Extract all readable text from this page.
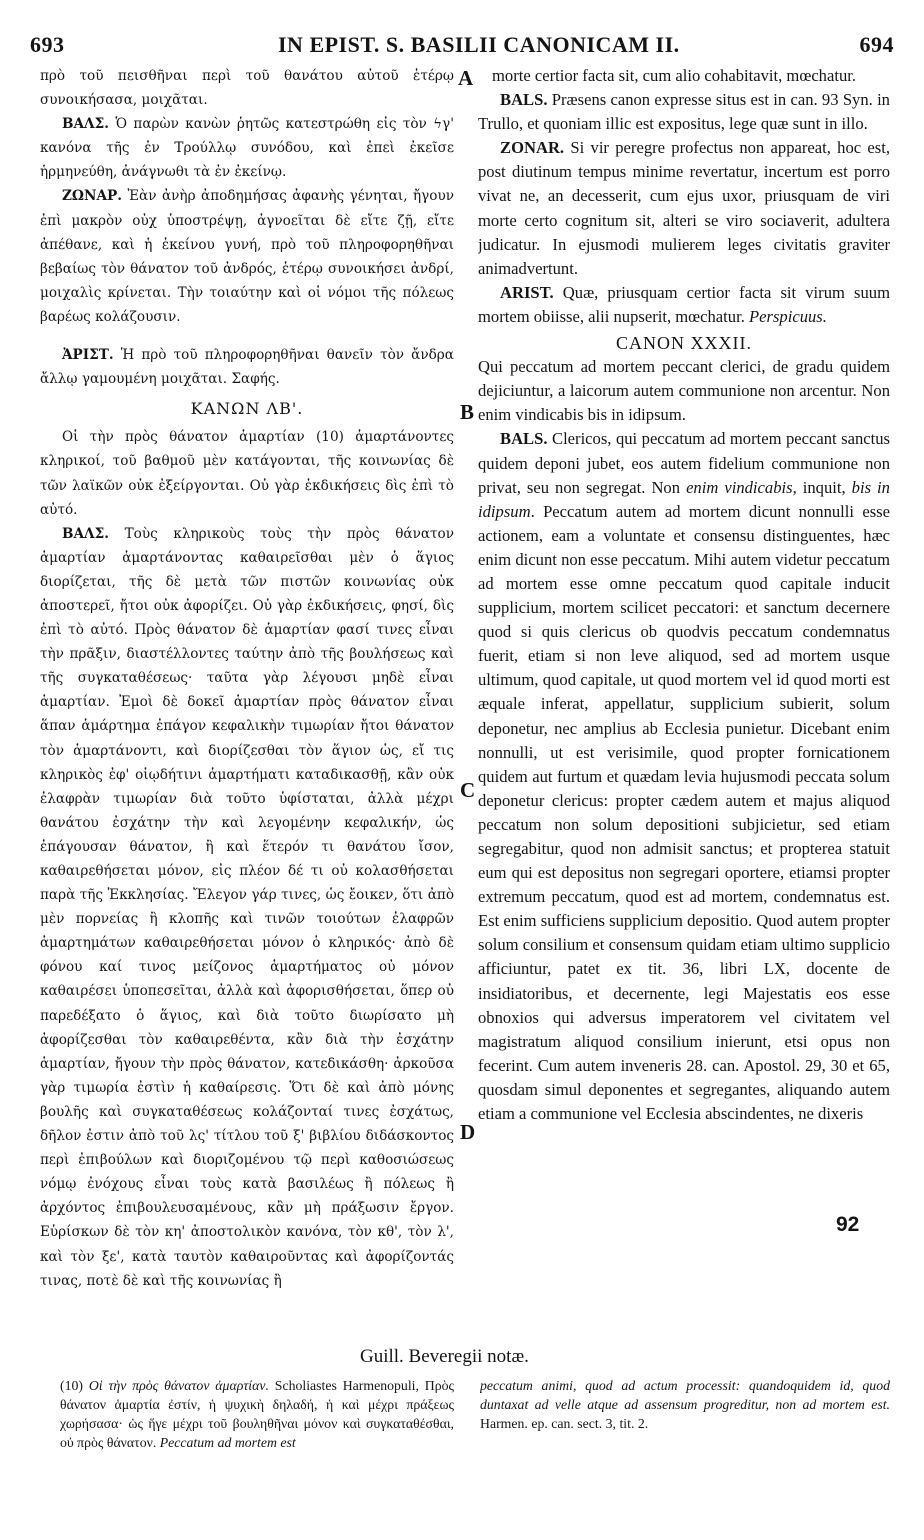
693	IN EPIST. S. BASILII CANONICAM II.	694
A
B
C
D

πρὸ τοῦ πεισθῆναι περὶ τοῦ θανάτου αὐτοῦ ἑτέρῳ συνοικήσασα, μοιχᾶται.

ΒΑΛΣ. Ὁ παρὼν κανὼν ῥητῶς κατεστρώθη εἰς τὸν ϟγ' κανόνα τῆς ἐν Τρούλλῳ συνόδου, καὶ ἐπεὶ ἐκεῖσε ἡρμηνεύθη, ἀνάγνωθι τὰ ἐν ἐκείνῳ.

ΖΩΝΑΡ. Ἐὰν ἀνὴρ ἀποδημήσας ἀφανὴς γένηται, ἤγουν ἐπὶ μακρὸν οὐχ ὑποστρέψῃ, ἀγνοεῖται δὲ εἴτε ζῇ, εἴτε ἀπέθανε, καὶ ἡ ἐκείνου γυνή, πρὸ τοῦ πληροφορηθῆναι βεβαίως τὸν θάνατον τοῦ ἀνδρός, ἑτέρῳ συνοικήσει ἀνδρί, μοιχαλὶς κρίνεται. Τὴν τοιαύτην καὶ οἱ νόμοι τῆς πόλεως βαρέως κολάζουσιν.

ἈΡΙΣΤ. Ἡ πρὸ τοῦ πληροφορηθῆναι θανεῖν τὸν ἄνδρα ἄλλῳ γαμουμένη μοιχᾶται. Σαφής.

ΚΑΝΩΝ ΛΒ'.

Οἱ τὴν πρὸς θάνατον ἁμαρτίαν (10) ἁμαρτάνοντες κληρικοί, τοῦ βαθμοῦ μὲν κατάγονται, τῆς κοινωνίας δὲ τῶν λαϊκῶν οὐκ ἐξείργονται. Οὐ γὰρ ἐκδικήσεις δὶς ἐπὶ τὸ αὐτό.

ΒΑΛΣ. Τοὺς κληρικοὺς τοὺς τὴν πρὸς θάνατον ἁμαρτίαν ἁμαρτάνοντας καθαιρεῖσθαι μὲν ὁ ἅγιος διορίζεται, τῆς δὲ μετὰ τῶν πιστῶν κοινωνίας οὐκ ἀποστερεῖ, ἤτοι οὐκ ἀφορίζει. Οὐ γὰρ ἐκδικήσεις, φησί, δὶς ἐπὶ τὸ αὐτό. Πρὸς θάνατον δὲ ἁμαρτίαν φασί τινες εἶναι τὴν πρᾶξιν, διαστέλλοντες ταύτην ἀπὸ τῆς βουλήσεως καὶ τῆς συγκαταθέσεως· ταῦτα γὰρ λέγουσι μηδὲ εἶναι ἁμαρτίαν. Ἐμοὶ δὲ δοκεῖ ἁμαρτίαν πρὸς θάνατον εἶναι ἅπαν ἁμάρτημα ἐπάγον κεφαλικὴν τιμωρίαν ἤτοι θάνατον τὸν ἁμαρτάνοντι, καὶ διορίζεσθαι τὸν ἅγιον ὡς, εἴ τις κληρικὸς ἐφ' οἱῳδήτινι ἁμαρτήματι καταδικασθῇ, κἂν οὐκ ἐλαφρὰν τιμωρίαν διὰ τοῦτο ὑφίσταται, ἀλλὰ μέχρι θανάτου ἐσχάτην τὴν καὶ λεγομένην κεφαλικήν, ὡς ἐπάγουσαν θάνατον, ἢ καὶ ἕτερόν τι θανάτου ἴσον, καθαιρεθήσεται μόνον, εἰς πλέον δέ τι οὐ κολασθήσεται παρὰ τῆς Ἐκκλησίας. Ἔλεγον γάρ τινες, ὡς ἔοικεν, ὅτι ἀπὸ μὲν πορνείας ἢ κλοπῆς καὶ τινῶν τοιούτων ἐλαφρῶν ἁμαρτημάτων καθαιρεθήσεται μόνον ὁ κληρικός· ἀπὸ δὲ φόνου καί τινος μείζονος ἁμαρτήματος οὐ μόνον καθαιρέσει ὑποπεσεῖται, ἀλλὰ καὶ ἀφορισθήσεται, ὅπερ οὐ παρεδέξατο ὁ ἅγιος, καὶ διὰ τοῦτο διωρίσατο μὴ ἀφορίζεσθαι τὸν καθαιρεθέντα, κἂν διὰ τὴν ἐσχάτην ἁμαρτίαν, ἤγουν τὴν πρὸς θάνατον, κατεδικάσθη· ἀρκοῦσα γὰρ τιμωρία ἐστὶν ἡ καθαίρεσις. Ὅτι δὲ καὶ ἀπὸ μόνης βουλῆς καὶ συγκαταθέσεως κολάζονταί τινες ἐσχάτως, δῆλον ἐστιν ἀπὸ τοῦ λς' τίτλου τοῦ ξ' βιβλίου διδάσκοντος περὶ ἐπιβούλων καὶ διοριζομένου τῷ περὶ καθοσιώσεως νόμῳ ἐνόχους εἶναι τοὺς κατὰ βασιλέως ἢ πόλεως ἢ ἀρχόντος ἐπιβουλευσαμένους, κἂν μὴ πράξωσιν ἔργον. Εὑρίσκων δὲ τὸν κη' ἀποστολικὸν κανόνα, τὸν κθ', τὸν λ', καὶ τὸν ξε', κατὰ ταυτὸν καθαιροῦντας καὶ ἀφορίζοντάς τινας, ποτὲ δὲ καὶ τῆς κοινωνίας ἢ

morte certior facta sit, cum alio cohabitavit, mœchatur.

BALS. Præsens canon expresse situs est in can. 93 Syn. in Trullo, et quoniam illic est expositus, lege quæ sunt in illo.

ZONAR. Si vir peregre profectus non appareat, hoc est, post diutinum tempus minime revertatur, incertum est porro vivat ne, an decesserit, cum ejus uxor, priusquam de viri morte certo cognitum sit, alteri se viro sociaverit, adultera judicatur. In ejusmodi mulierem leges civitatis graviter animadvertunt.

ARIST. Quæ, priusquam certior facta sit virum suum mortem obiisse, alii nupserit, mœchatur. Perspicuus.

CANON XXXII.

Qui peccatum ad mortem peccant clerici, de gradu quidem dejiciuntur, a laicorum autem communione non arcentur. Non enim vindicabis bis in idipsum.

BALS. Clericos, qui peccatum ad mortem peccant sanctus quidem deponi jubet, eos autem fidelium communione non privat, seu non segregat. Non enim vindicabis, inquit, bis in idipsum. Peccatum autem ad mortem dicunt nonnulli esse actionem, eam a voluntate et consensu distinguentes, hæc enim dicunt non esse peccatum. Mihi autem videtur peccatum ad mortem esse omne peccatum quod capitale inducit supplicium, mortem scilicet peccatori: et sanctum decernere quod si quis clericus ob quodvis peccatum condemnatus fuerit, etiam si non leve aliquod, sed ad mortem usque ultimum, quod capitale, ut quod mortem vel id quod morti est æquale inferat, appellatur, supplicium subierit, solum deponetur, nec amplius ab Ecclesia punietur. Dicebant enim nonnulli, ut est verisimile, quod propter fornicationem quidem aut furtum et quædam levia hujusmodi peccata solum deponetur clericus: propter cædem autem et majus aliquod peccatum non solum depositioni subjicietur, sed etiam segregabitur, quod non admisit sanctus; et propterea statuit eum qui est depositus non segregari oportere, etiamsi propter extremum peccatum, quod est ad mortem, condemnatus est. Est enim sufficiens supplicium depositio. Quod autem propter solum consilium et consensum quidam etiam ultimo supplicio afficiuntur, patet ex tit. 36, libri LX, docente de insidiatoribus, et decernente, legi Majestatis eos esse obnoxios qui adversus imperatorem vel civitatem vel magistratum aliquod consilium inierunt, etsi opus non fecerint. Cum autem inveneris 28. can. Apostol. 29, 30 et 65, quosdam simul deponentes et segregantes, aliquando autem etiam a communione vel Ecclesia abscindentes, ne dixeris

92
Guill. Beveregii notæ.

(10) Οἱ τὴν πρὸς θάνατον ἁμαρτίαν. Scholiastes Harmenopuli, Πρὸς θάνατον ἁμαρτία ἐστίν, ἡ ψυχικὴ δηλαδή, ἡ καὶ μέχρι πράξεως χωρήσασα· ὡς ἥγε μέχρι τοῦ βουληθῆναι μόνον καὶ συγκαταθέσθαι, οὐ πρὸς θάνατον. Peccatum ad mortem est

peccatum animi, quod ad actum processit: quandoquidem id, quod duntaxat ad velle atque ad assensum progreditur, non ad mortem est. Harmen. ep. can. sect. 3, tit. 2.
